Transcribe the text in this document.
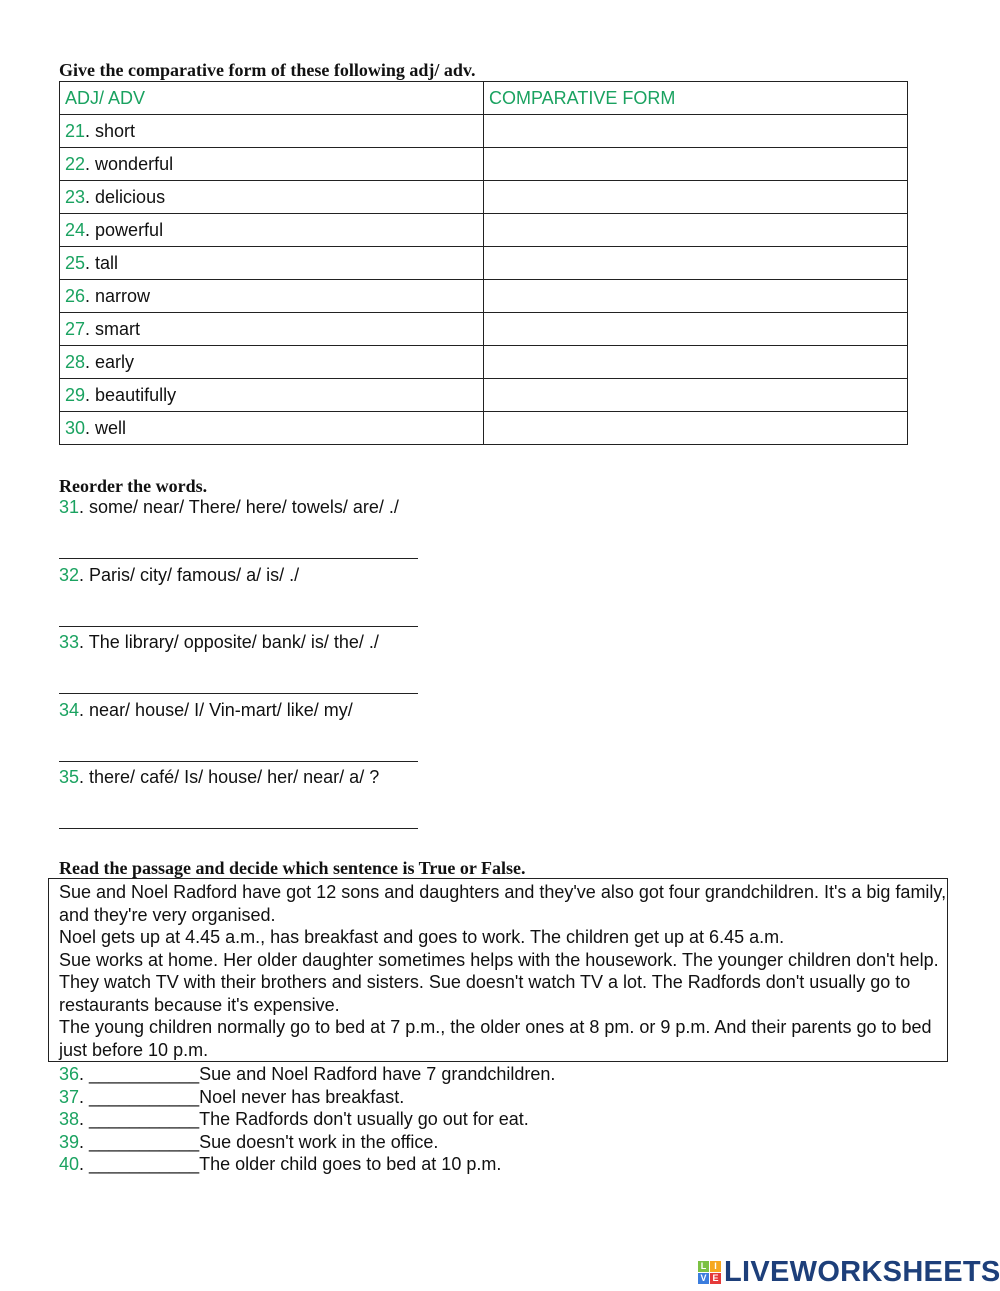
Give the comparative form of these following adj/ adv.
ADJ/ ADV	COMPARATIVE FORM
21. short	
22. wonderful	
23. delicious	
24. powerful	
25. tall	
26. narrow	
27. smart	
28. early	
29. beautifully	
30. well	
Reorder the words.
31. some/ near/ There/ here/ towels/ are/ ./
32. Paris/ city/ famous/ a/ is/ ./
33. The library/ opposite/ bank/ is/ the/ ./
34. near/ house/ I/ Vin-mart/ like/ my/
35. there/ café/ Is/ house/ her/ near/ a/ ?
Read the passage and decide which sentence is True or False.
Sue and Noel Radford have got 12 sons and daughters and they've also got four grandchildren. It's a big family, and they're very organised.
Noel gets up at 4.45 a.m., has breakfast and goes to work. The children get up at 6.45 a.m.
Sue works at home. Her older daughter sometimes helps with the housework. The younger children don't help. They watch TV with their brothers and sisters. Sue doesn't watch TV a lot. The Radfords don't usually go to restaurants because it's expensive.
The young children normally go to bed at 7 p.m., the older ones at 8 pm. or 9 p.m. And their parents go to bed just before 10 p.m.
36. ___________Sue and Noel Radford have 7 grandchildren.
37. ___________Noel never has breakfast.
38. ___________The Radfords don't usually go out for eat.
39. ___________Sue doesn't work in the office.
40. ___________The older child goes to bed at 10 p.m.
L I
V E LIVEWORKSHEETS
